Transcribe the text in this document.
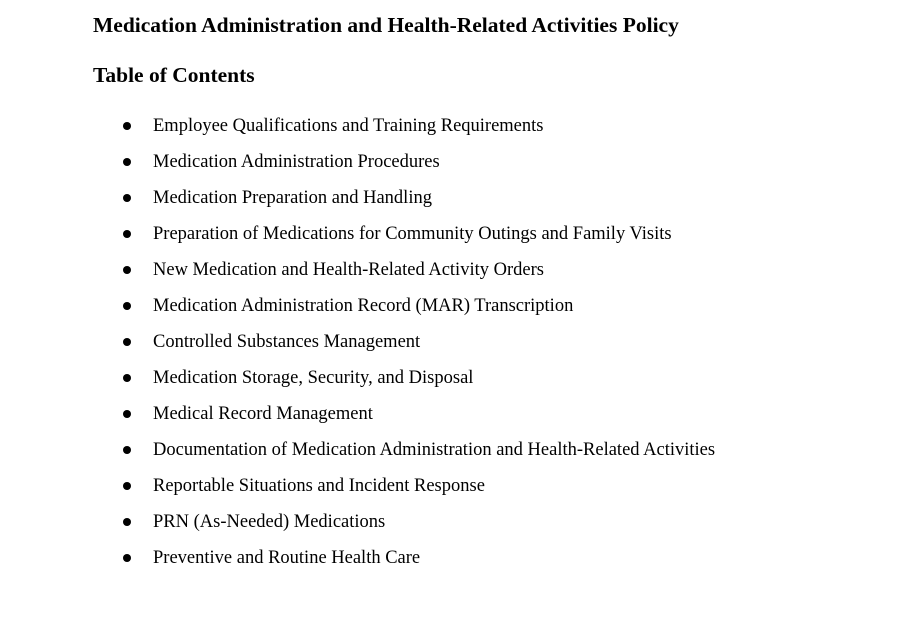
Medication Administration and Health-Related Activities Policy
Table of Contents
Employee Qualifications and Training Requirements
Medication Administration Procedures
Medication Preparation and Handling
Preparation of Medications for Community Outings and Family Visits
New Medication and Health-Related Activity Orders
Medication Administration Record (MAR) Transcription
Controlled Substances Management
Medication Storage, Security, and Disposal
Medical Record Management
Documentation of Medication Administration and Health-Related Activities
Reportable Situations and Incident Response
PRN (As-Needed) Medications
Preventive and Routine Health Care
